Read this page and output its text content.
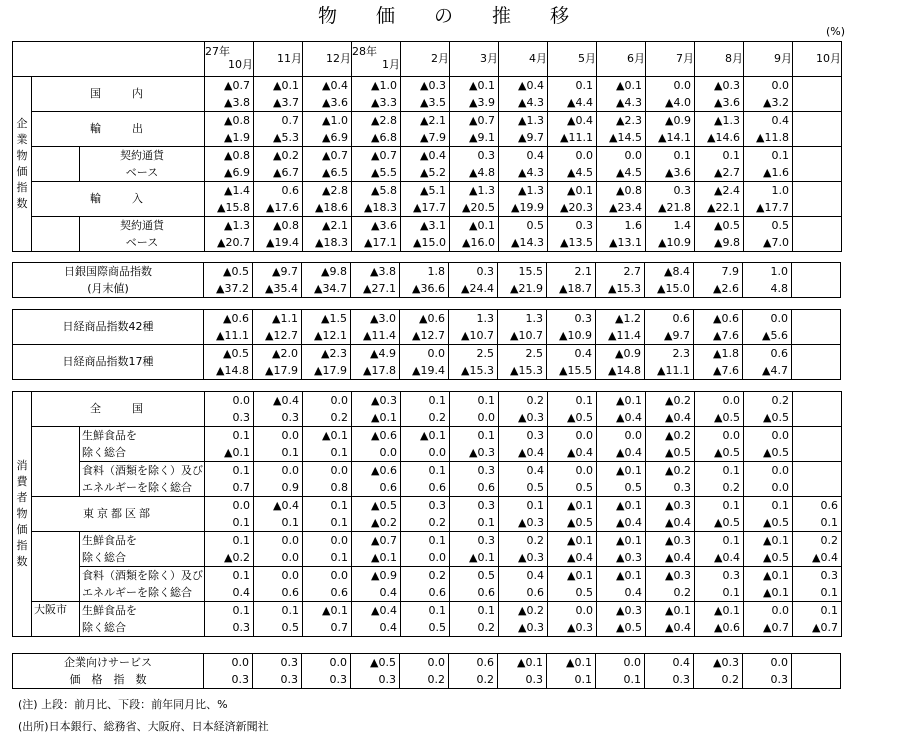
物　価　の　推　移
(%)

			27年
10月	11月	12月	28年
1月	2月	3月	4月	5月	6月	7月	8月	9月	10月

企業物価指数	国　　内		▲0.7	▲0.1	▲0.4	▲1.0	▲0.3	▲0.1	▲0.4	0.1	▲0.1	0.0	▲0.3	0.0	
			▲3.8	▲3.7	▲3.6	▲3.3	▲3.5	▲3.9	▲4.3	▲4.4	▲4.3	▲4.0	▲3.6	▲3.2	
	輸　　出		▲0.8	0.7	▲1.0	▲2.8	▲2.1	▲0.7	▲1.3	▲0.4	▲2.3	▲0.9	▲1.3	0.4	
			▲1.9	▲5.3	▲6.9	▲6.8	▲7.9	▲9.1	▲9.7	▲11.1	▲14.5	▲14.1	▲14.6	▲11.8	
		契約通貨	▲0.8	▲0.2	▲0.7	▲0.7	▲0.4	0.3	0.4	0.0	0.0	0.1	0.1	0.1	
		ベース	▲6.9	▲6.7	▲6.5	▲5.5	▲5.2	▲4.8	▲4.3	▲4.5	▲4.5	▲3.6	▲2.7	▲1.6	
	輸　　入		▲1.4	0.6	▲2.8	▲5.8	▲5.1	▲1.3	▲1.3	▲0.1	▲0.8	0.3	▲2.4	1.0	
			▲15.8	▲17.6	▲18.6	▲18.3	▲17.7	▲20.5	▲19.9	▲20.3	▲23.4	▲21.8	▲22.1	▲17.7	
		契約通貨	▲1.3	▲0.8	▲2.1	▲3.6	▲3.1	▲0.1	0.5	0.3	1.6	1.4	▲0.5	0.5	
		ベース	▲20.7	▲19.4	▲18.3	▲17.1	▲15.0	▲16.0	▲14.3	▲13.5	▲13.1	▲10.9	▲9.8	▲7.0	
日銀国際商品指数	▲0.5	▲9.7	▲9.8	▲3.8	1.8	0.3	15.5	2.1	2.7	▲8.4	7.9	1.0	
(月末値)	▲37.2	▲35.4	▲34.7	▲27.1	▲36.6	▲24.4	▲21.9	▲18.7	▲15.3	▲15.0	▲2.6	4.8	
日経商品指数42種	▲0.6	▲1.1	▲1.5	▲3.0	▲0.6	1.3	1.3	0.3	▲1.2	0.6	▲0.6	0.0	
	▲11.1	▲12.7	▲12.1	▲11.4	▲12.7	▲10.7	▲10.7	▲10.9	▲11.4	▲9.7	▲7.6	▲5.6	
日経商品指数17種	▲0.5	▲2.0	▲2.3	▲4.9	0.0	2.5	2.5	0.4	▲0.9	2.3	▲1.8	0.6	
	▲14.8	▲17.9	▲17.9	▲17.8	▲19.4	▲15.3	▲15.3	▲15.5	▲14.8	▲11.1	▲7.6	▲4.7	
消費者物価指数	全　　国		0.0	▲0.4	0.0	▲0.3	0.1	0.1	0.2	0.1	▲0.1	▲0.2	0.0	0.2	
			0.3	0.3	0.2	▲0.1	0.2	0.0	▲0.3	▲0.5	▲0.4	▲0.4	▲0.5	▲0.5	
		生鮮食品を	0.1	0.0	▲0.1	▲0.6	▲0.1	0.1	0.3	0.0	0.0	▲0.2	0.0	0.0	
		除く総合	▲0.1	0.1	0.1	0.0	0.0	▲0.3	▲0.4	▲0.4	▲0.4	▲0.5	▲0.5	▲0.5	
		食料（酒類を除く）及び	0.1	0.0	0.0	▲0.6	0.1	0.3	0.4	0.0	▲0.1	▲0.2	0.1	0.0	
		エネルギーを除く総合	0.7	0.9	0.8	0.6	0.6	0.6	0.5	0.5	0.5	0.3	0.2	0.0	
	東京都区部		0.0	▲0.4	0.1	▲0.5	0.3	0.3	0.1	▲0.1	▲0.1	▲0.3	0.1	0.1	0.6
			0.1	0.1	0.1	▲0.2	0.2	0.1	▲0.3	▲0.5	▲0.4	▲0.4	▲0.5	▲0.5	0.1
		生鮮食品を	0.1	0.0	0.0	▲0.7	0.1	0.3	0.2	▲0.1	▲0.1	▲0.3	0.1	▲0.1	0.2
		除く総合	▲0.2	0.0	0.1	▲0.1	0.0	▲0.1	▲0.3	▲0.4	▲0.3	▲0.4	▲0.4	▲0.5	▲0.4
		食料（酒類を除く）及び	0.1	0.0	0.0	▲0.9	0.2	0.5	0.4	▲0.1	▲0.1	▲0.3	0.3	▲0.1	0.3
		エネルギーを除く総合	0.4	0.6	0.6	0.4	0.6	0.6	0.6	0.5	0.4	0.2	0.1	▲0.1	0.1
	大阪市	生鮮食品を	0.1	0.1	▲0.1	▲0.4	0.1	0.1	▲0.2	0.0	▲0.3	▲0.1	▲0.1	0.0	0.1
		除く総合	0.3	0.5	0.7	0.4	0.5	0.2	▲0.3	▲0.3	▲0.5	▲0.4	▲0.6	▲0.7	▲0.7
企業向けサービス	0.0	0.3	0.0	▲0.5	0.0	0.6	▲0.1	▲0.1	0.0	0.4	▲0.3	0.0	
価　格　指　数	0.3	0.3	0.3	0.3	0.2	0.2	0.3	0.1	0.1	0.3	0.2	0.3	
(注) 上段：前月比、下段：前年同月比、%
(出所)日本銀行、総務省、大阪府、日本経済新聞社
